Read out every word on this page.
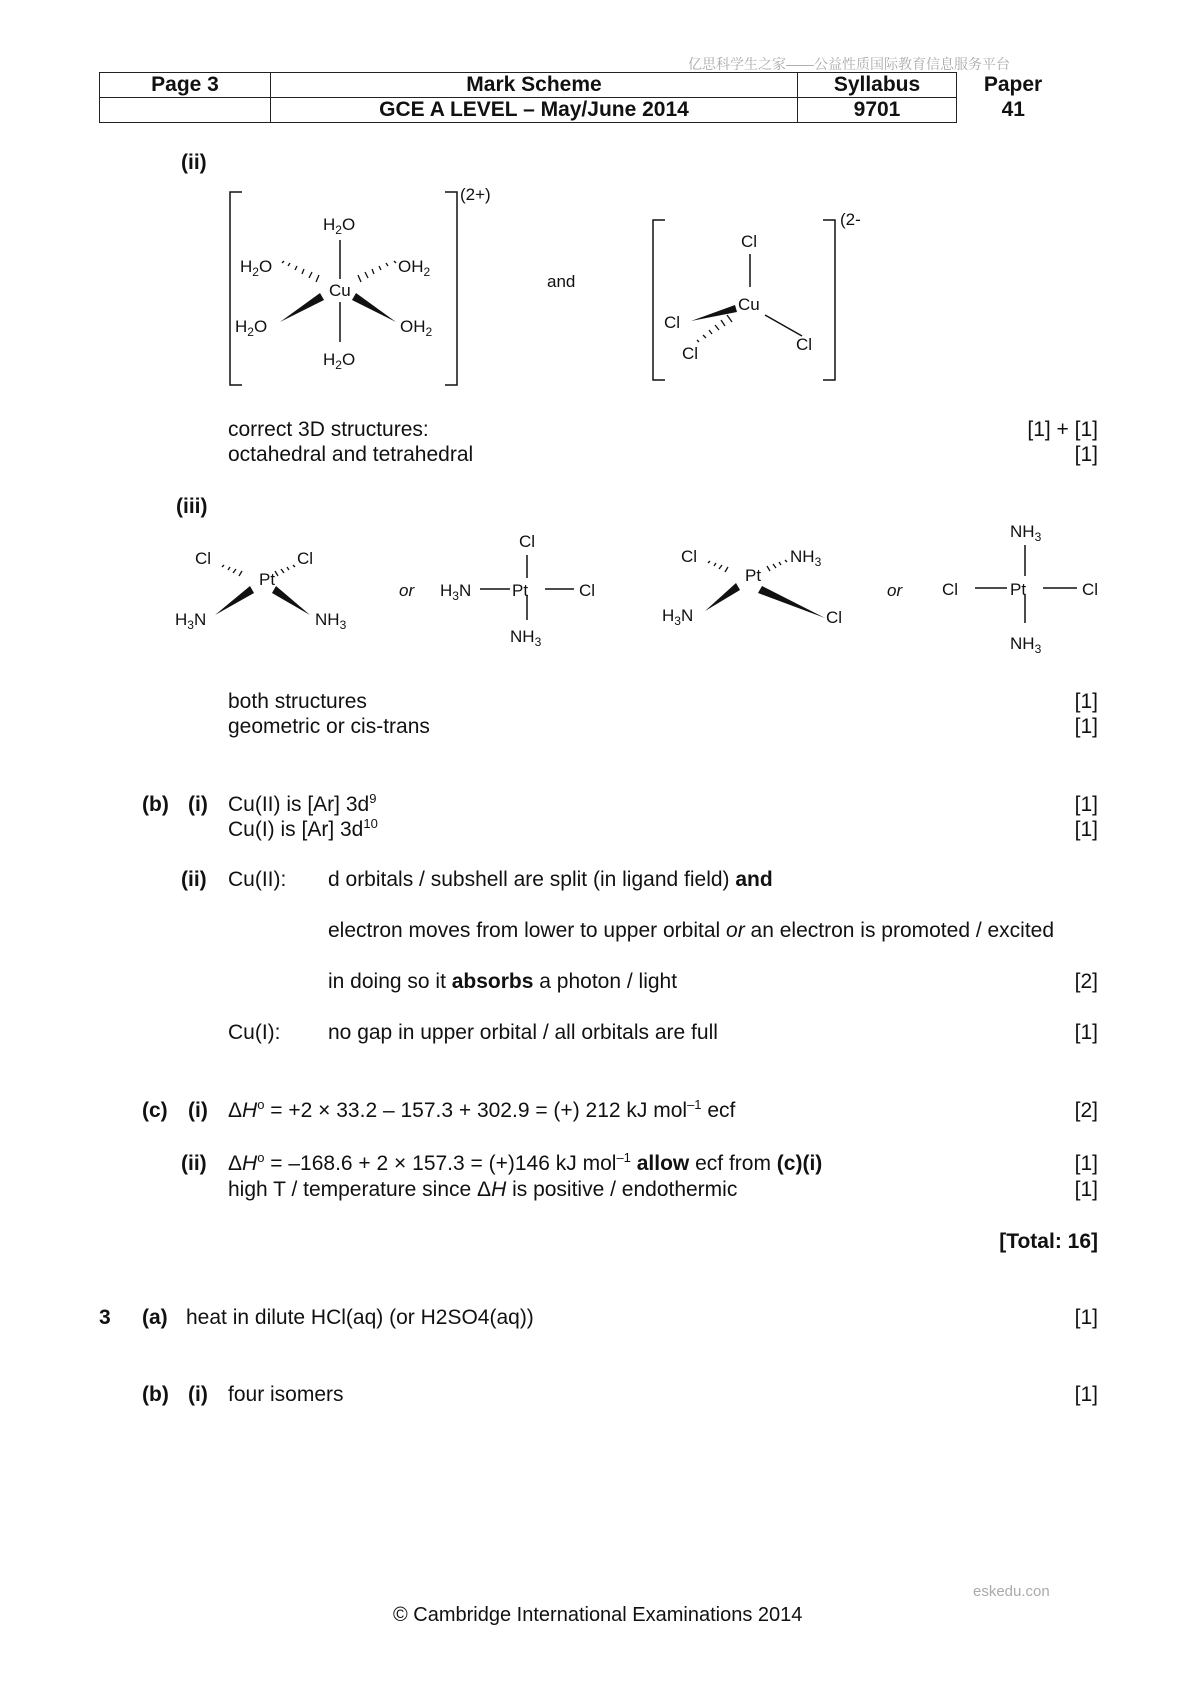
亿思科学生之家——公益性质国际教育信息服务平台
Page 3	Mark Scheme	Syllabus	Paper
	GCE A LEVEL – May/June 2014	9701	41
(ii)
$H_2O$
$H_2O$	$OH_2$
Cu
$H_2O$	$OH_2$
$H_2O$
(2+)
and
Cl
Cu
Cl
Cl	Cl
(2-
correct 3D structures:	[1] + [1]
octahedral and tetrahedral	[1]
(iii)
Cl	Cl
Pt
$H_3N$	$NH_3$
or
Cl
$H_3N$ Pt	Cl
$NH_3$
Cl
Pt
$NH_3$
$H_3N$	Cl
or
$NH_3$
Cl	Pt	Cl
$NH_3$
both structures	[1]
geometric or cis-trans	[1]
(b) (i) Cu(II) is [Ar] $3d^9$	[1]
Cu(I) is [Ar] $3d^{10}$	[1]
(ii) Cu(II): d orbitals / subshell are split (in ligand field) and
electron moves from lower to upper orbital or an electron is promoted / excited
in doing so it absorbs a photon / light	[2]
Cu(I): no gap in upper orbital / all orbitals are full	[1]
(c) (i) $\Delta H^o = +2 \times 33.2 - 157.3 + 302.9$ = (+) 212 kJ mol$^{-1}$ ecf	[2]
(ii) $\Delta H^o = -168.6 + 2 \times 157.3 = (+)146$ kJ mol$^{-1}$ allow ecf from (c)(i)	[1]
high T / temperature since ΔH is positive / endothermic	[1]
[Total: 16]
3 (a) heat in dilute HCl(aq) (or H2SO4(aq))	[1]
(b) (i) four isomers	[1]
eskedu.con
© Cambridge International Examinations 2014
